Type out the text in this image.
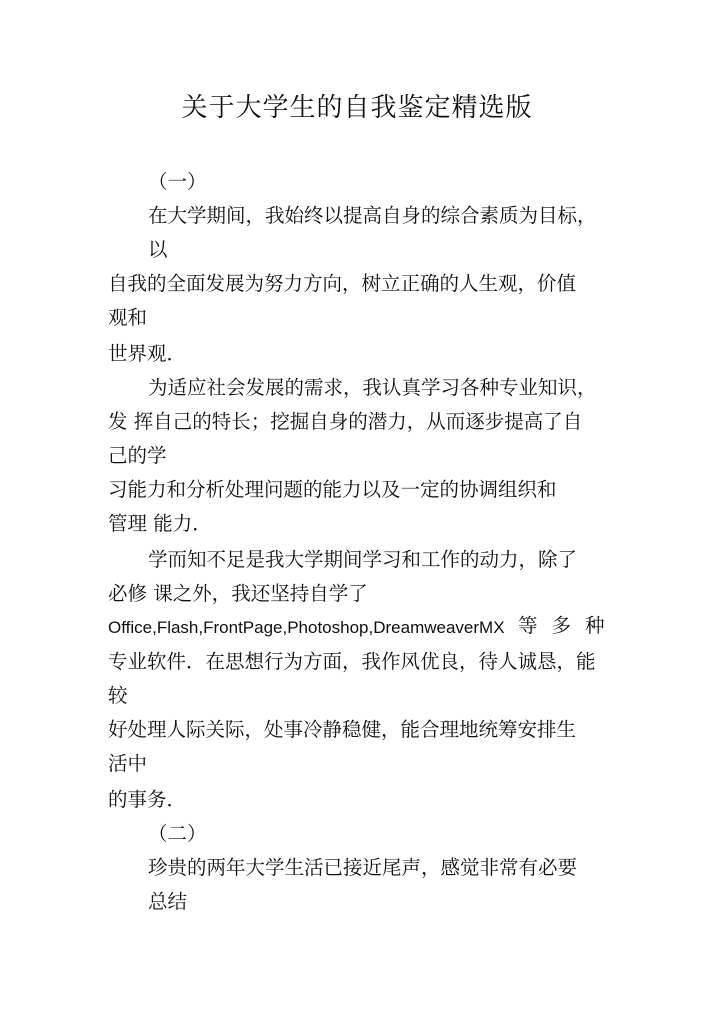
关于大学生的自我鉴定精选版

（一）

在大学期间，我始终以提高自身的综合素质为目标，

以

自我的全面发展为努力方向，树立正确的人生观，价值

观和

世界观．

为适应社会发展的需求，我认真学习各种专业知识，

发 挥自己的特长；挖掘自身的潜力，从而逐步提高了自

己的学

习能力和分析处理问题的能力以及一定的协调组织和

管理 能力．

学而知不足是我大学期间学习和工作的动力，除了

必修 课之外，我还坚持自学了

Office,Flash,FrontPage,Photoshop,DreamweaverMX 等多种

专业软件．在思想行为方面，我作风优良，待人诚恳，能

较

好处理人际关际，处事冷静稳健，能合理地统筹安排生

活中

的事务．

（二）

珍贵的两年大学生活已接近尾声，感觉非常有必要

总结
